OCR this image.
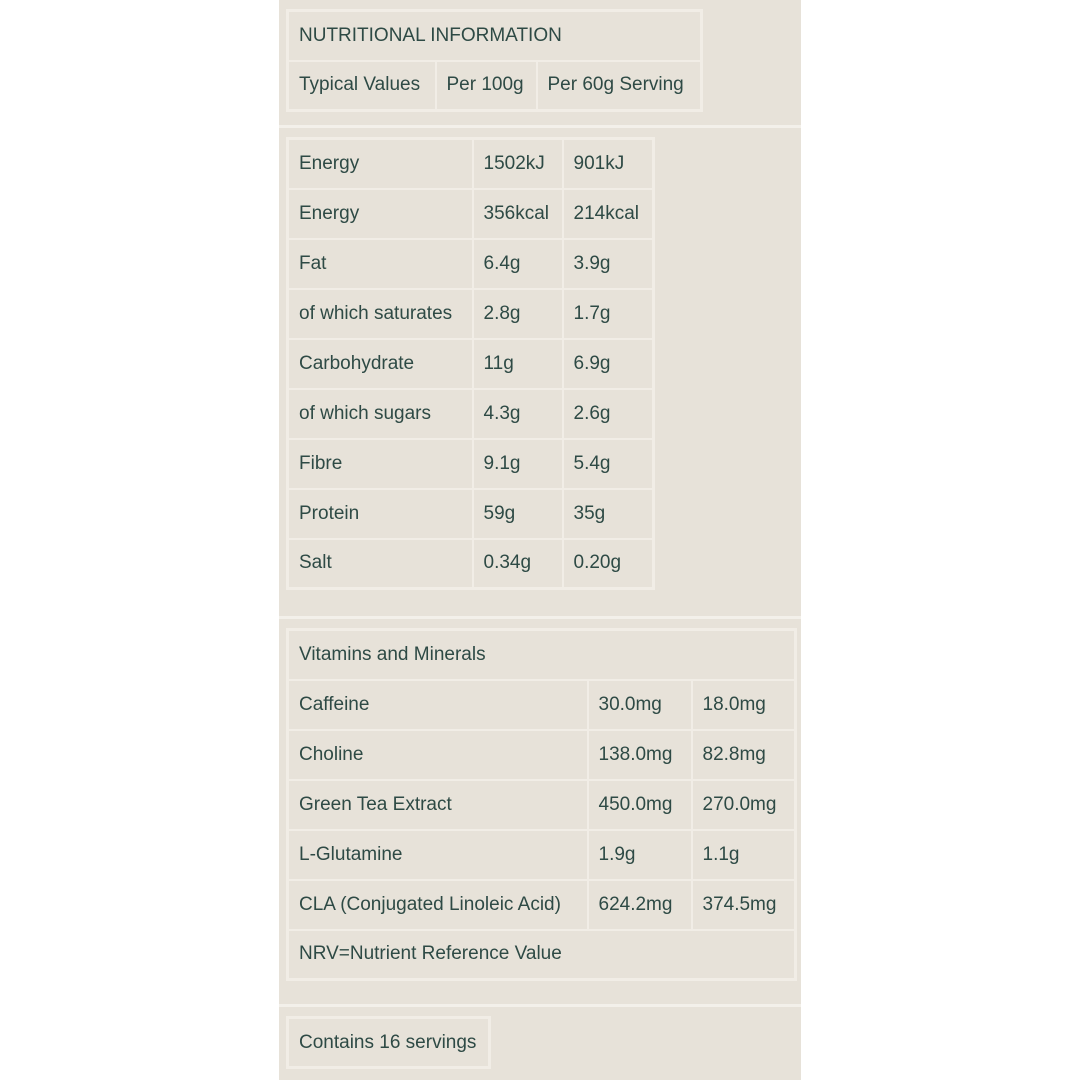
NUTRITIONAL INFORMATION
Typical Values	Per 100g	Per 60g Serving
Energy	1502kJ	901kJ
Energy	356kcal	214kcal
Fat	6.4g	3.9g
of which saturates	2.8g	1.7g
Carbohydrate	11g	6.9g
of which sugars	4.3g	2.6g
Fibre	9.1g	5.4g
Protein	59g	35g
Salt	0.34g	0.20g
Vitamins and Minerals		
Caffeine	30.0mg	18.0mg
Choline	138.0mg	82.8mg
Green Tea Extract	450.0mg	270.0mg
L-Glutamine	1.9g	1.1g
CLA (Conjugated Linoleic Acid)	624.2mg	374.5mg
NRV=Nutrient Reference Value		
Contains 16 servings
